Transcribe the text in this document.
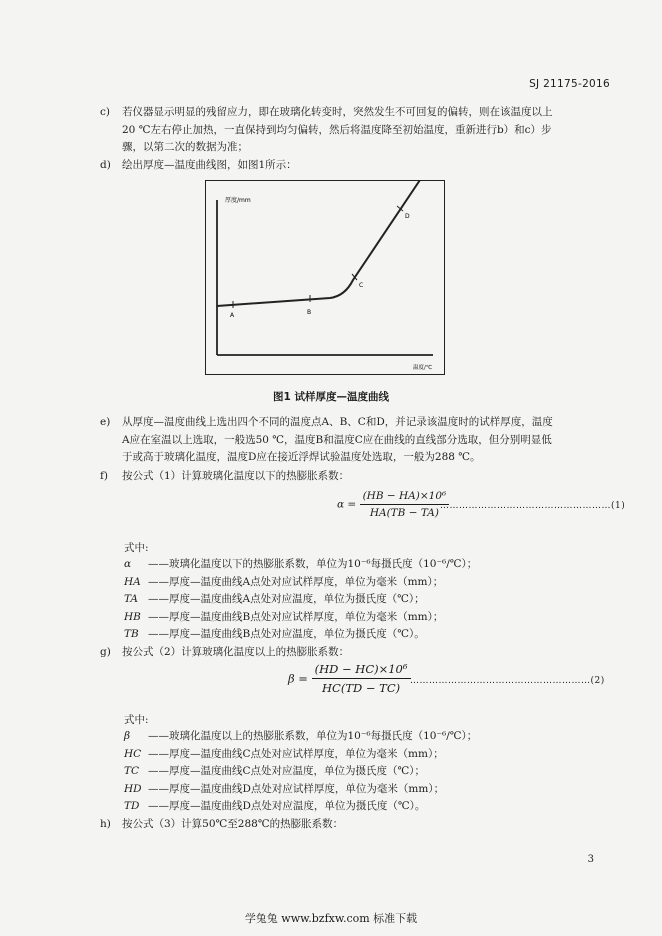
SJ 21175-2016
c) 若仪器显示明显的残留应力，即在玻璃化转变时，突然发生不可回复的偏转，则在该温度以上
20 ℃左右停止加热，一直保持到均匀偏转，然后将温度降至初始温度，重新进行b）和c）步
骤，以第二次的数据为准；
d) 绘出厚度—温度曲线图，如图1所示：
厚度/mm
温度/℃
A	B
C
D
图1 试样厚度—温度曲线
e) 从厚度—温度曲线上选出四个不同的温度点A、B、C和D，并记录该温度时的试样厚度，温度
A应在室温以上选取，一般选50 ℃，温度B和温度C应在曲线的直线部分选取，但分别明显低
于或高于玻璃化温度，温度D应在接近浮焊试验温度处选取，一般为288 ℃。
f) 按公式（1）计算玻璃化温度以下的热膨胀系数：
$\alpha = \frac{\text{(HB − HA)×10⁶}}{HA(TB - TA)}$
………………………………………………(1)
式中:
α ——玻璃化温度以下的热膨胀系数，单位为10⁻⁶每摄氏度（10⁻⁶/℃）；
HA ——厚度—温度曲线A点处对应试样厚度，单位为毫米（mm）；
TA ——厚度—温度曲线A点处对应温度，单位为摄氏度（℃）；
HB ——厚度—温度曲线B点处对应试样厚度，单位为毫米（mm）；
TB ——厚度—温度曲线B点处对应温度，单位为摄氏度（℃）。
g) 按公式（2）计算玻璃化温度以上的热膨胀系数：
$\beta = \frac{\text{(HD − HC)×10⁶}}{HC(TD - TC)}$ …………………………………………………(2)
式中:
β ——玻璃化温度以上的热膨胀系数，单位为10⁻⁶每摄氏度（10⁻⁶/℃）；
HC ——厚度—温度曲线C点处对应试样厚度，单位为毫米（mm）；
TC ——厚度—温度曲线C点处对应温度，单位为摄氏度（℃）；
HD ——厚度—温度曲线D点处对应试样厚度，单位为毫米（mm）；
TD ——厚度—温度曲线D点处对应温度，单位为摄氏度（℃）。
h) 按公式（3）计算50℃至288℃的热膨胀系数：
3
学兔兔 www.bzfxw.com 标准下载
